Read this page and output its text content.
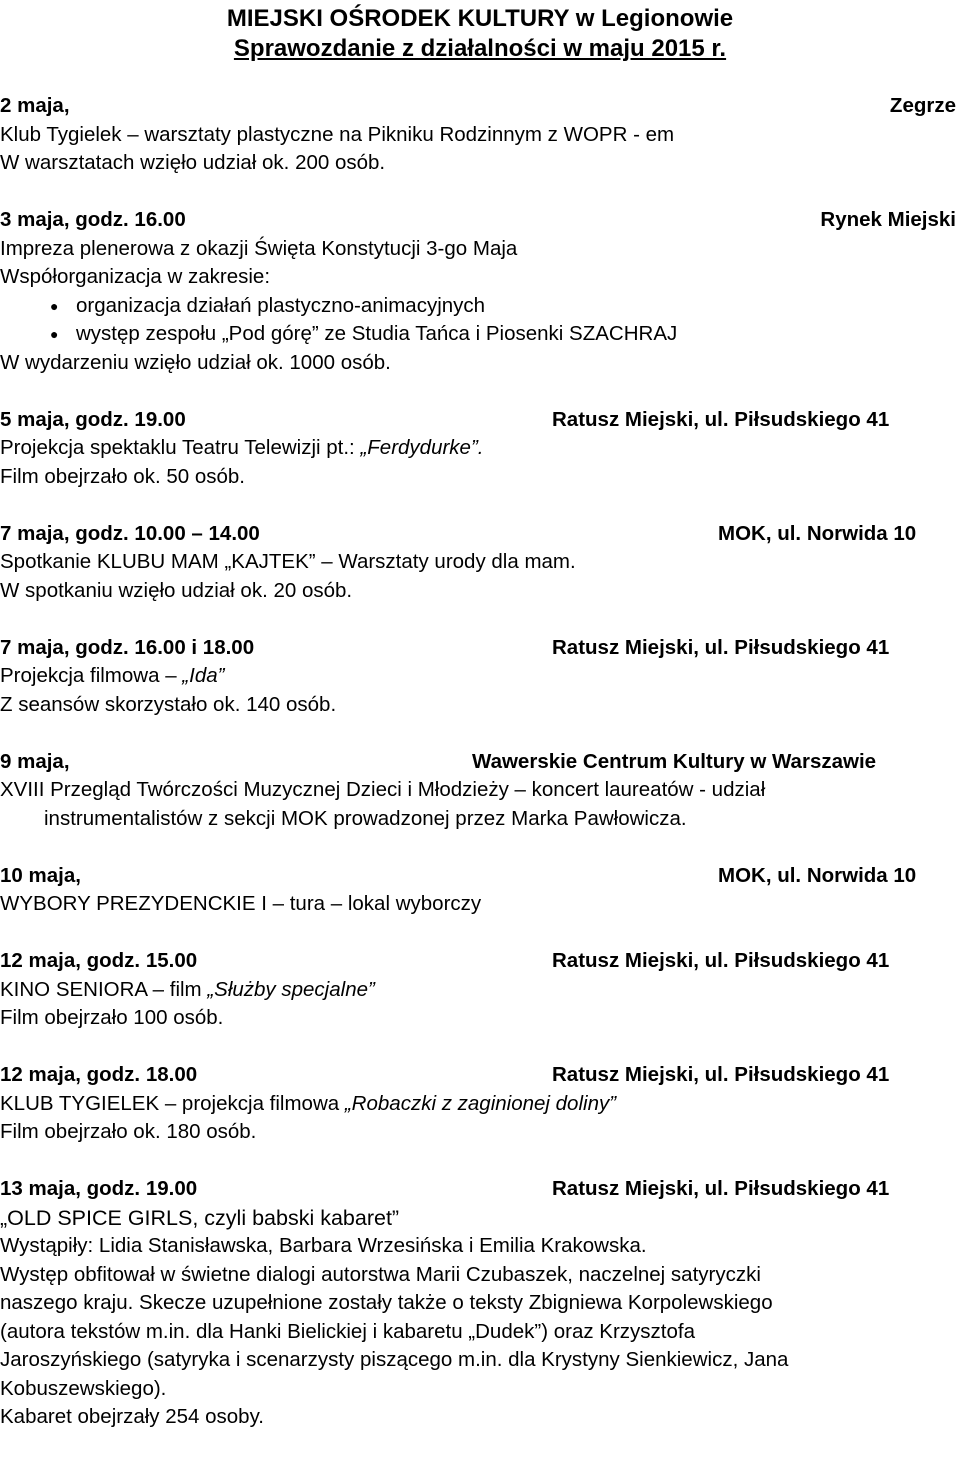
MIEJSKI OŚRODEK KULTURY w Legionowie
Sprawozdanie z działalności w maju 2015 r.
2 maja,	Zegrze
Klub Tygielek – warsztaty plastyczne na Pikniku Rodzinnym z WOPR - em
W warsztatach wzięło udział ok. 200 osób.
3 maja, godz. 16.00	Rynek Miejski
Impreza plenerowa z okazji Święta Konstytucji 3-go Maja
Współorganizacja w zakresie:
● organizacja działań plastyczno-animacyjnych
● występ zespołu „Pod górę” ze Studia Tańca i Piosenki SZACHRAJ
W wydarzeniu wzięło udział ok. 1000 osób.
5 maja, godz. 19.00	Ratusz Miejski, ul. Piłsudskiego 41
Projekcja spektaklu Teatru Telewizji pt.: „Ferdydurke”.
Film obejrzało ok. 50 osób.
7 maja, godz. 10.00 – 14.00	MOK, ul. Norwida 10
Spotkanie KLUBU MAM „KAJTEK” – Warsztaty urody dla mam.
W spotkaniu wzięło udział ok. 20 osób.
7 maja, godz. 16.00 i 18.00	Ratusz Miejski, ul. Piłsudskiego 41
Projekcja filmowa – „Ida”
Z seansów skorzystało ok. 140 osób.
9 maja,	Wawerskie Centrum Kultury w Warszawie
XVIII Przegląd Twórczości Muzycznej Dzieci i Młodzieży – koncert laureatów - udział
instrumentalistów z sekcji MOK prowadzonej przez Marka Pawłowicza.
10 maja,	MOK, ul. Norwida 10
WYBORY PREZYDENCKIE I – tura – lokal wyborczy
12 maja, godz. 15.00	Ratusz Miejski, ul. Piłsudskiego 41
KINO SENIORA – film „Służby specjalne”
Film obejrzało 100 osób.
12 maja, godz. 18.00	Ratusz Miejski, ul. Piłsudskiego 41
KLUB TYGIELEK – projekcja filmowa „Robaczki z zaginionej doliny”
Film obejrzało ok. 180 osób.
13 maja, godz. 19.00	Ratusz Miejski, ul. Piłsudskiego 41
„OLD SPICE GIRLS, czyli babski kabaret”
Wystąpiły: Lidia Stanisławska, Barbara Wrzesińska i Emilia Krakowska.
Występ obfitował w świetne dialogi autorstwa Marii Czubaszek, naczelnej satyryczki
naszego kraju. Skecze uzupełnione zostały także o teksty Zbigniewa Korpolewskiego
(autora tekstów m.in. dla Hanki Bielickiej i kabaretu „Dudek”) oraz Krzysztofa
Jaroszyńskiego (satyryka i scenarzysty piszącego m.in. dla Krystyny Sienkiewicz, Jana
Kobuszewskiego).
Kabaret obejrzały 254 osoby.
